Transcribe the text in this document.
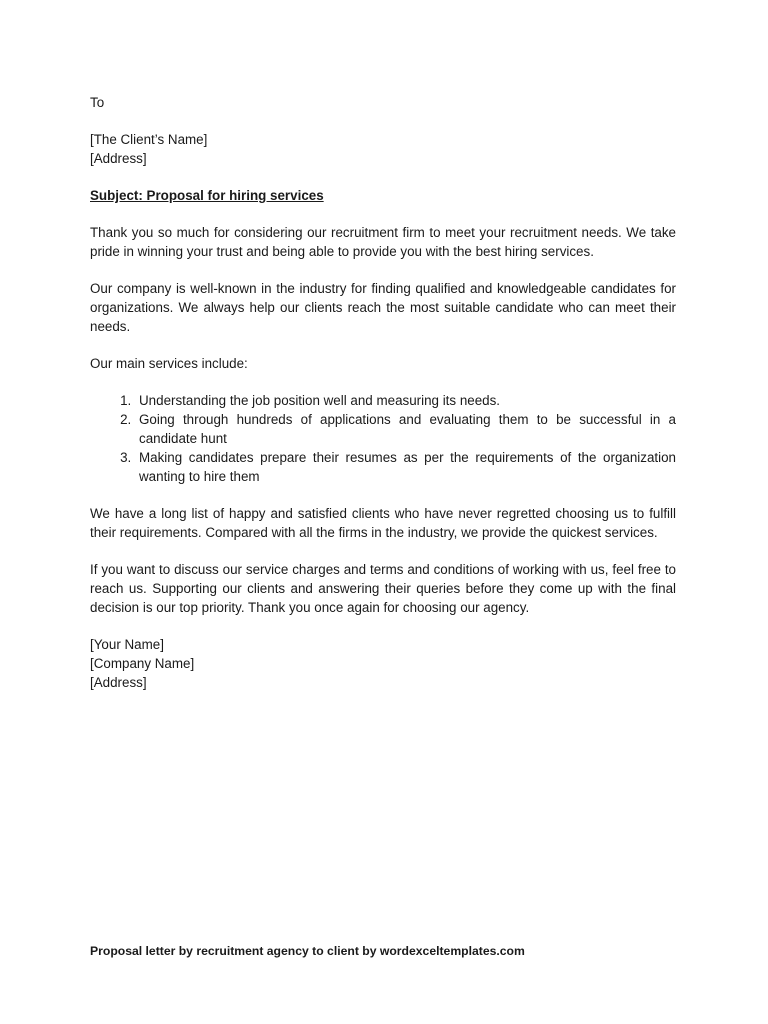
To

[The Client’s Name]

[Address]

Subject: Proposal for hiring services

Thank you so much for considering our recruitment firm to meet your recruitment needs. We take pride in winning your trust and being able to provide you with the best hiring services.

Our company is well-known in the industry for finding qualified and knowledgeable candidates for organizations. We always help our clients reach the most suitable candidate who can meet their needs.

Our main services include:

1. Understanding the job position well and measuring its needs.
2. Going through hundreds of applications and evaluating them to be successful in a candidate hunt
3. Making candidates prepare their resumes as per the requirements of the organization wanting to hire them

We have a long list of happy and satisfied clients who have never regretted choosing us to fulfill their requirements. Compared with all the firms in the industry, we provide the quickest services.

If you want to discuss our service charges and terms and conditions of working with us, feel free to reach us. Supporting our clients and answering their queries before they come up with the final decision is our top priority. Thank you once again for choosing our agency.

[Your Name]

[Company Name]

[Address]

Proposal letter by recruitment agency to client by wordexceltemplates.com
